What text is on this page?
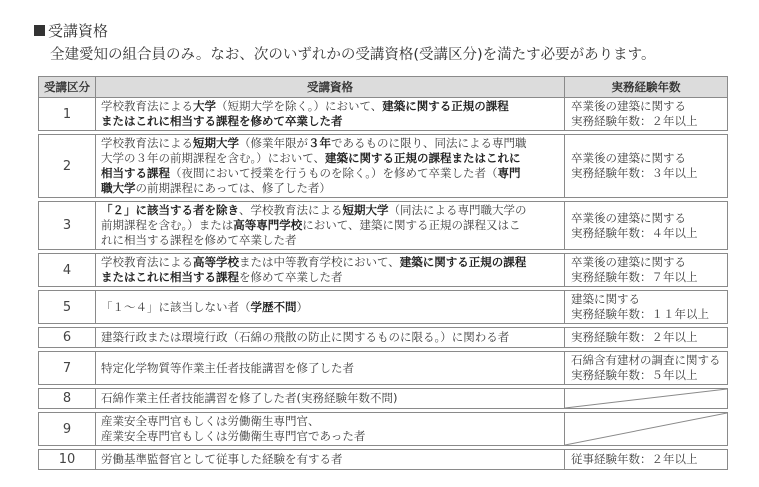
受講資格
全建愛知の組合員のみ。なお、次のいずれかの受講資格(受講区分)を満たす必要があります。
受講区分	受講資格	実務経験年数
1	学校教育法による大学（短期大学を除く。）において、建築に関する正規の課程
またはこれに相当する課程を修めて卒業した者	卒業後の建築に関する
実務経験年数：２年以上

2	学校教育法による短期大学（修業年限が３年であるものに限り、同法による専門職
大学の３年の前期課程を含む。）において、建築に関する正規の課程またはこれに
相当する課程（夜間において授業を行うものを除く。）を修めて卒業した者（専門
職大学の前期課程にあっては、修了した者）	卒業後の建築に関する
実務経験年数：３年以上

3	「２」に該当する者を除き、学校教育法による短期大学（同法による専門職大学の
前期課程を含む。）または高等専門学校において、建築に関する正規の課程又はこ
れに相当する課程を修めて卒業した者	卒業後の建築に関する
実務経験年数：４年以上

4	学校教育法による高等学校または中等教育学校において、建築に関する正規の課程
またはこれに相当する課程を修めて卒業した者	卒業後の建築に関する
実務経験年数：７年以上

5	「１～４」に該当しない者（学歴不問）	建築に関する
実務経験年数：１１年以上

6	建築行政または環境行政（石綿の飛散の防止に関するものに限る。）に関わる者	実務経験年数：２年以上

7	特定化学物質等作業主任者技能講習を修了した者	石綿含有建材の調査に関する
実務経験年数：５年以上

8	石綿作業主任者技能講習を修了した者(実務経験年数不問)	

9	産業安全専門官もしくは労働衛生専門官、
産業安全専門官もしくは労働衛生専門官であった者	

10	労働基準監督官として従事した経験を有する者	従事経験年数：２年以上
